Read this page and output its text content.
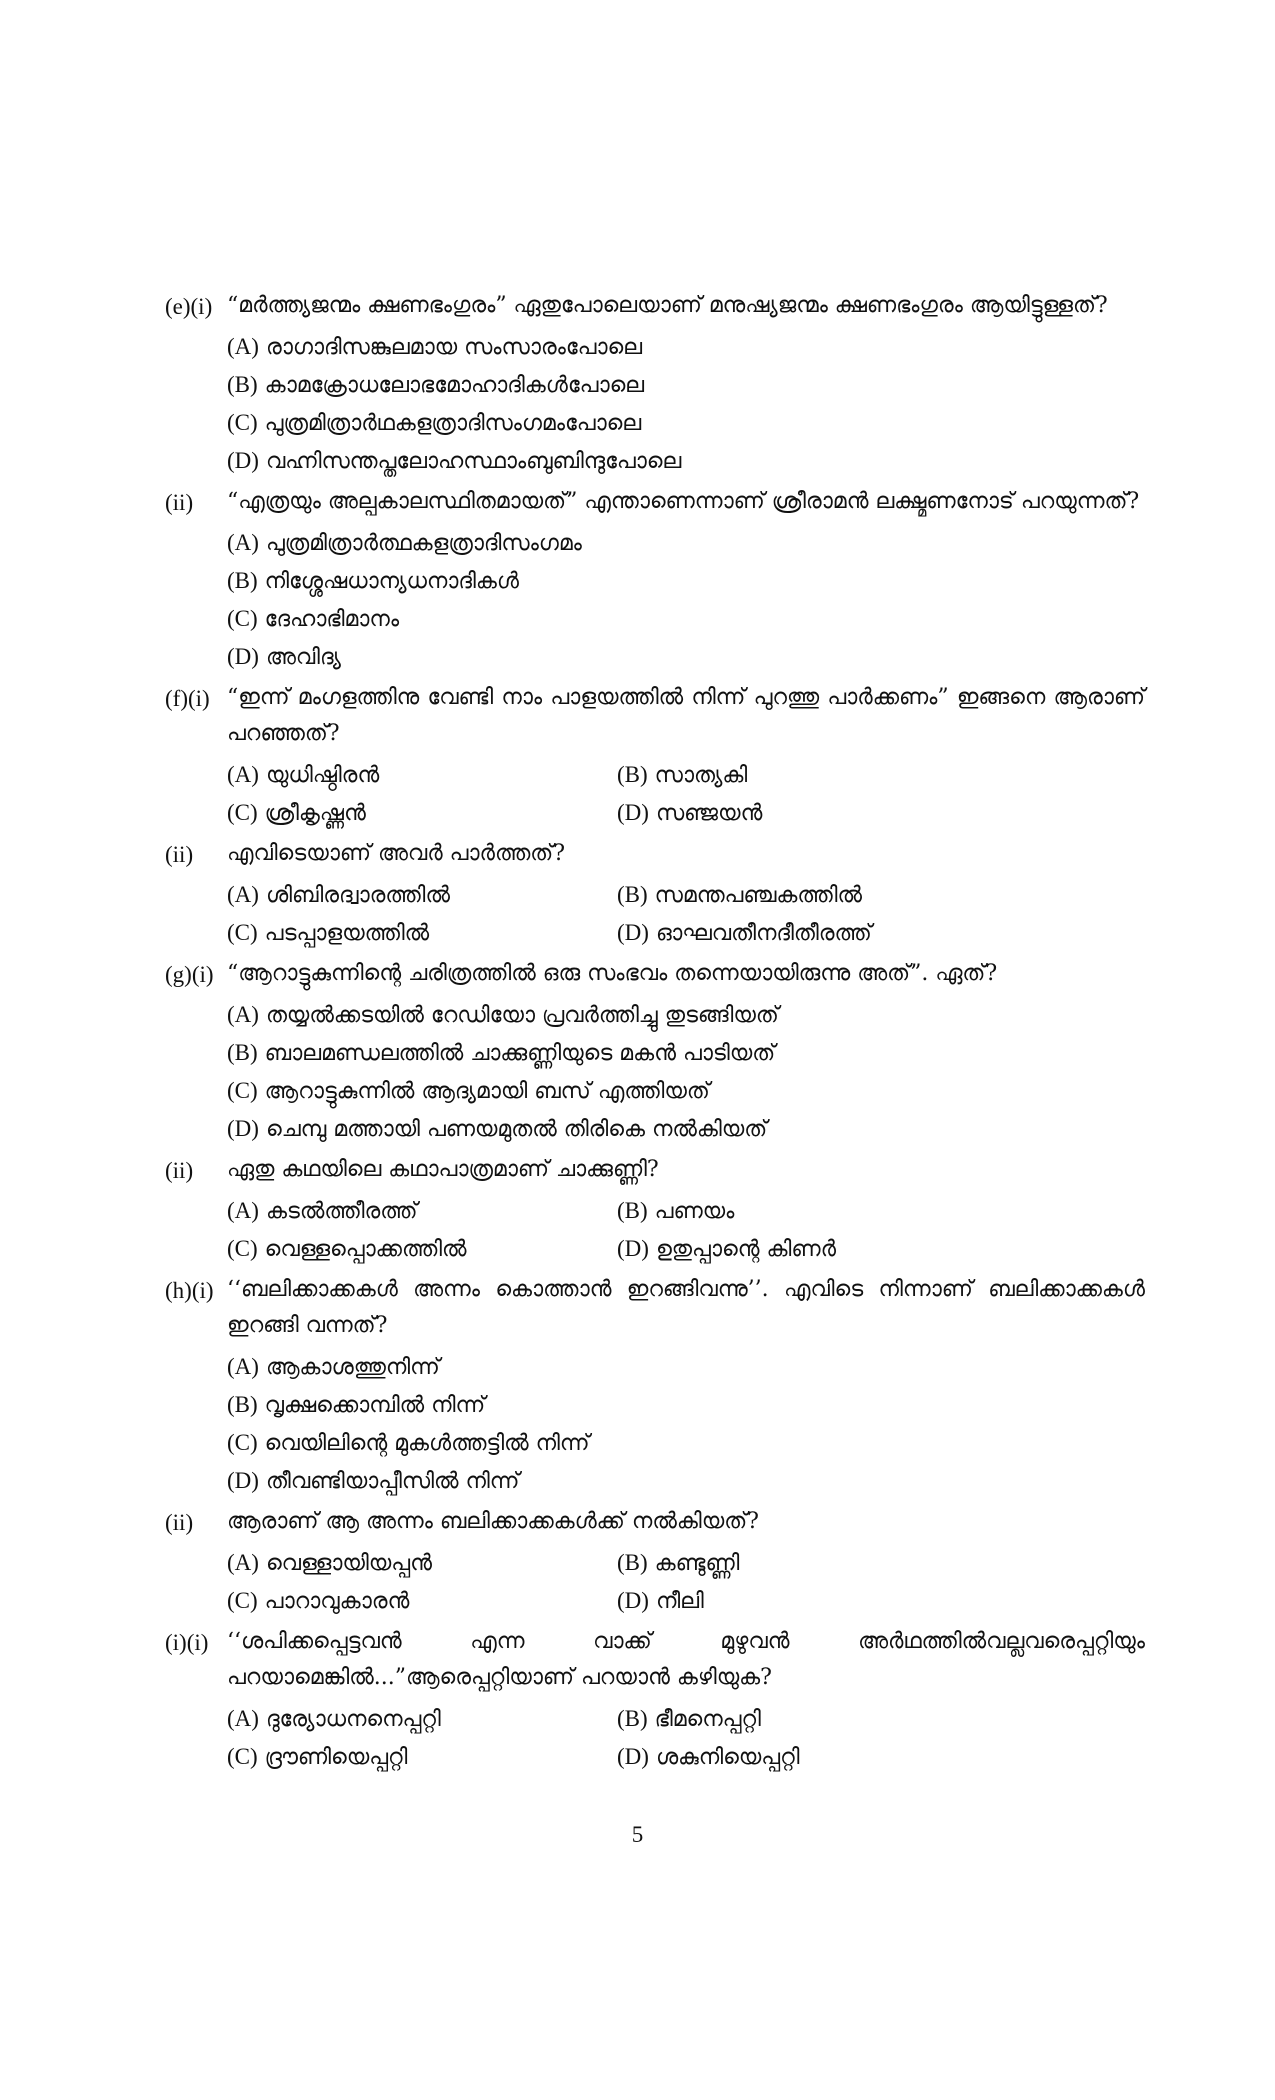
(e)(i) “മർത്ത്യജന്മം ക്ഷണഭംഗുരം” ഏതുപോലെയാണ് മനുഷ്യജന്മം ക്ഷണഭംഗുരം ആയിട്ടുള്ളത്?
(A) രാഗാദിസങ്കുലമായ സംസാരംപോലെ
(B) കാമക്രോധലോഭമോഹാദികൾപോലെ
(C) പുത്രമിത്രാർഥകളത്രാദിസംഗമംപോലെ
(D) വഹ്നിസന്തപ്തലോഹസ്ഥാംബുബിന്ദുപോലെ
(ii)	“എത്രയും അല്പകാലസ്ഥിതമായത്” എന്താണെന്നാണ് ശ്രീരാമൻ ലക്ഷ്മണനോട് പറയുന്നത്?
(A) പുത്രമിത്രാർത്ഥകളത്രാദിസംഗമം
(B) നിശ്ശേഷധാന്യധനാദികൾ
(C) ദേഹാഭിമാനം
(D) അവിദ്യ
(f)(i) “ഇന്ന് മംഗളത്തിനു വേണ്ടി നാം പാളയത്തിൽ നിന്ന് പുറത്തു പാർക്കണം” ഇങ്ങനെ ആരാണ് പറഞ്ഞത്?
(A) യുധിഷ്ഠിരൻ	(B) സാത്യകി
(C) ശ്രീകൃഷ്ണൻ	(D) സഞ്ജയൻ
(ii)	എവിടെയാണ് അവർ പാർത്തത്?
(A) ശിബിരദ്വാരത്തിൽ	(B) സമന്തപഞ്ചകത്തിൽ
(C) പടപ്പാളയത്തിൽ	(D) ഓഘവതീനദീതീരത്ത്
(g)(i) “ആറാട്ടുകുന്നിന്റെ ചരിത്രത്തിൽ ഒരു സംഭവം തന്നെയായിരുന്നു അത്”. ഏത്?
(A) തയ്യൽക്കടയിൽ റേഡിയോ പ്രവർത്തിച്ചു തുടങ്ങിയത്
(B) ബാലമണ്ഡലത്തിൽ ചാക്കുണ്ണിയുടെ മകൻ പാടിയത്
(C) ആറാട്ടുകുന്നിൽ ആദ്യമായി ബസ് എത്തിയത്
(D) ചെമ്പു മത്തായി പണയമുതൽ തിരികെ നൽകിയത്
(ii)	ഏതു കഥയിലെ കഥാപാത്രമാണ് ചാക്കുണ്ണി?
(A) കടൽത്തീരത്ത്	(B) പണയം
(C) വെള്ളപ്പൊക്കത്തിൽ	(D) ഉതുപ്പാന്റെ കിണർ
(h)(i) ‘‘ബലിക്കാക്കകൾ അന്നം കൊത്താൻ ഇറങ്ങിവന്നു’’. എവിടെ നിന്നാണ് ബലിക്കാക്കകൾ ഇറങ്ങി വന്നത്?
(A) ആകാശത്തുനിന്ന്
(B) വൃക്ഷക്കൊമ്പിൽ നിന്ന്
(C) വെയിലിന്റെ മുകൾത്തട്ടിൽ നിന്ന്
(D) തീവണ്ടിയാപ്പീസിൽ നിന്ന്
(ii)	ആരാണ് ആ അന്നം ബലിക്കാക്കകൾക്ക് നൽകിയത്?
(A) വെള്ളായിയപ്പൻ	(B) കണ്ടുണ്ണി
(C) പാറാവുകാരൻ	(D) നീലി
(i)(i) ‘‘ശപിക്കപ്പെട്ടവൻ എന്ന വാക്ക് മുഴുവൻ അർഥത്തിൽവല്ലവരെപ്പറ്റിയും പറയാമെങ്കിൽ...”ആരെപ്പറ്റിയാണ് പറയാൻ കഴിയുക?
(A) ദുര്യോധനനെപ്പറ്റി	(B) ഭീമനെപ്പറ്റി
(C) ദ്രൗണിയെപ്പറ്റി	(D) ശകുനിയെപ്പറ്റി
5
